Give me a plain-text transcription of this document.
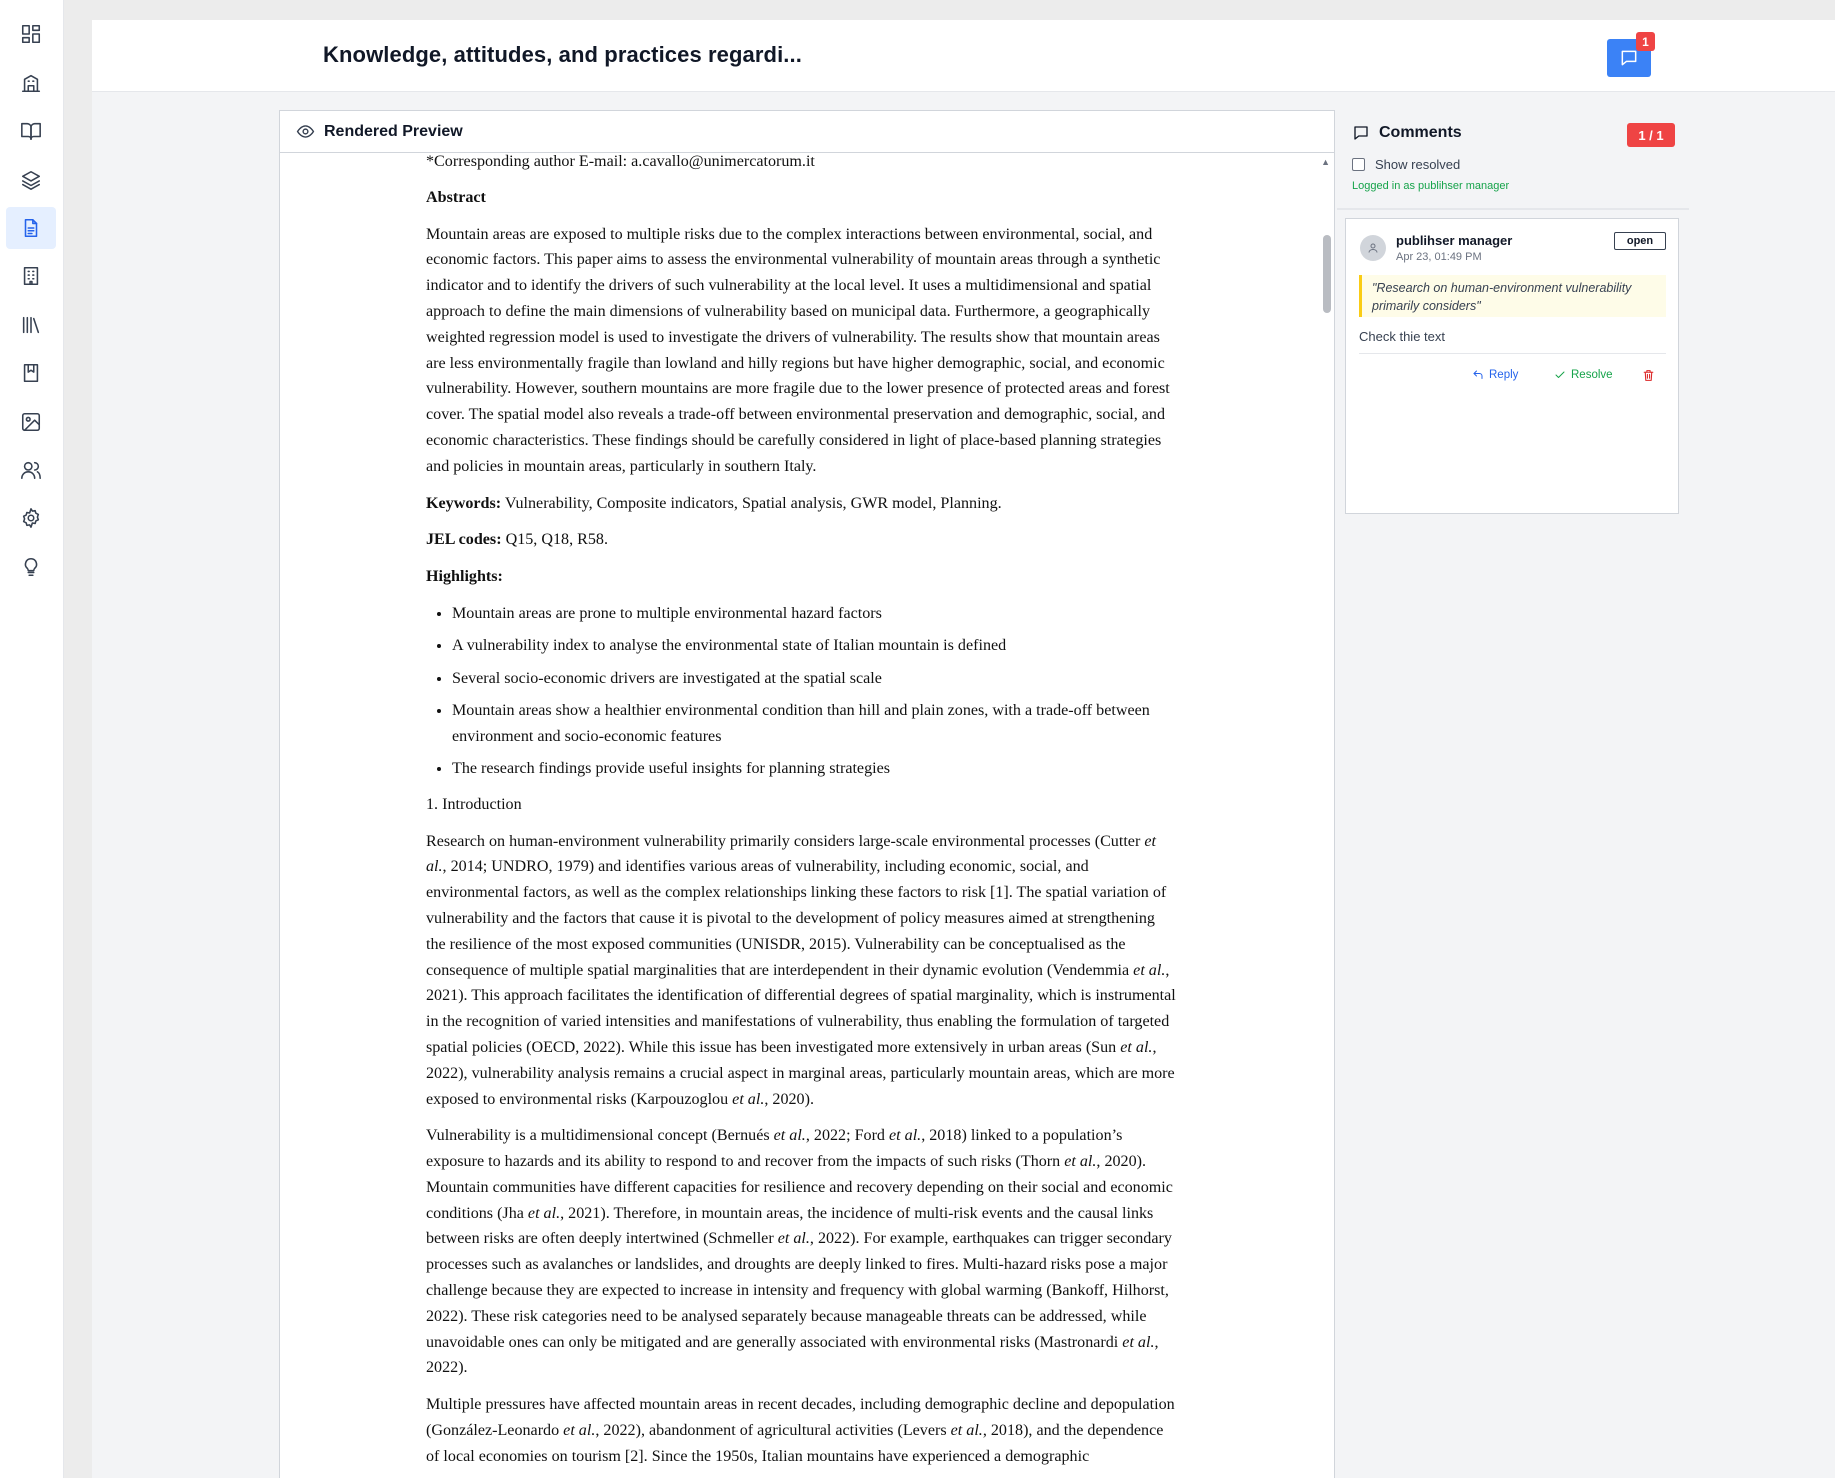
Knowledge, attitudes, and practices regardi...
1
Rendered Preview
▲

*Corresponding author E-mail: a.cavallo@unimercatorum.it

Abstract

Mountain areas are exposed to multiple risks due to the complex interactions between environmental, social, and economic factors. This paper aims to assess the environmental vulnerability of mountain areas through a synthetic indicator and to identify the drivers of such vulnerability at the local level. It uses a multidimensional and spatial approach to define the main dimensions of vulnerability based on municipal data. Furthermore, a geographically weighted regression model is used to investigate the drivers of vulnerability. The results show that mountain areas are less environmentally fragile than lowland and hilly regions but have higher demographic, social, and economic vulnerability. However, southern mountains are more fragile due to the lower presence of protected areas and forest cover. The spatial model also reveals a trade-off between environmental preservation and demographic, social, and economic characteristics. These findings should be carefully considered in light of place-based planning strategies and policies in mountain areas, particularly in southern Italy.

Keywords: Vulnerability, Composite indicators, Spatial analysis, GWR model, Planning.

JEL codes: Q15, Q18, R58.

Highlights:

• Mountain areas are prone to multiple environmental hazard factors
• A vulnerability index to analyse the environmental state of Italian mountain is defined
• Several socio-economic drivers are investigated at the spatial scale
• Mountain areas show a healthier environmental condition than hill and plain zones, with a trade-off between environment and socio-economic features
• The research findings provide useful insights for planning strategies

1. Introduction

Research on human-environment vulnerability primarily considers large-scale environmental processes (Cutter et al., 2014; UNDRO, 1979) and identifies various areas of vulnerability, including economic, social, and environmental factors, as well as the complex relationships linking these factors to risk [1]. The spatial variation of vulnerability and the factors that cause it is pivotal to the development of policy measures aimed at strengthening the resilience of the most exposed communities (UNISDR, 2015). Vulnerability can be conceptualised as the consequence of multiple spatial marginalities that are interdependent in their dynamic evolution (Vendemmia et al., 2021). This approach facilitates the identification of differential degrees of spatial marginality, which is instrumental in the recognition of varied intensities and manifestations of vulnerability, thus enabling the formulation of targeted spatial policies (OECD, 2022). While this issue has been investigated more extensively in urban areas (Sun et al., 2022), vulnerability analysis remains a crucial aspect in marginal areas, particularly mountain areas, which are more exposed to environmental risks (Karpouzoglou et al., 2020).

Vulnerability is a multidimensional concept (Bernués et al., 2022; Ford et al., 2018) linked to a population’s exposure to hazards and its ability to respond to and recover from the impacts of such risks (Thorn et al., 2020). Mountain communities have different capacities for resilience and recovery depending on their social and economic conditions (Jha et al., 2021). Therefore, in mountain areas, the incidence of multi-risk events and the causal links between risks are often deeply intertwined (Schmeller et al., 2022). For example, earthquakes can trigger secondary processes such as avalanches or landslides, and droughts are deeply linked to fires. Multi-hazard risks pose a major challenge because they are expected to increase in intensity and frequency with global warming (Bankoff, Hilhorst, 2022). These risk categories need to be analysed separately because manageable threats can be addressed, while unavoidable ones can only be mitigated and are generally associated with environmental risks (Mastronardi et al., 2022).

Multiple pressures have affected mountain areas in recent decades, including demographic decline and depopulation (González-Leonardo et al., 2022), abandonment of agricultural activities (Levers et al., 2018), and the dependence of local economies on tourism [2]. Since the 1950s, Italian mountains have experienced a demographic

Comments	1 / 1
Show resolved
Logged in as publihser manager
publihser manager
Apr 23, 01:49 PM
open
"Research on human-environment vulnerability primarily considers"
Check thie text
Reply	Resolve
